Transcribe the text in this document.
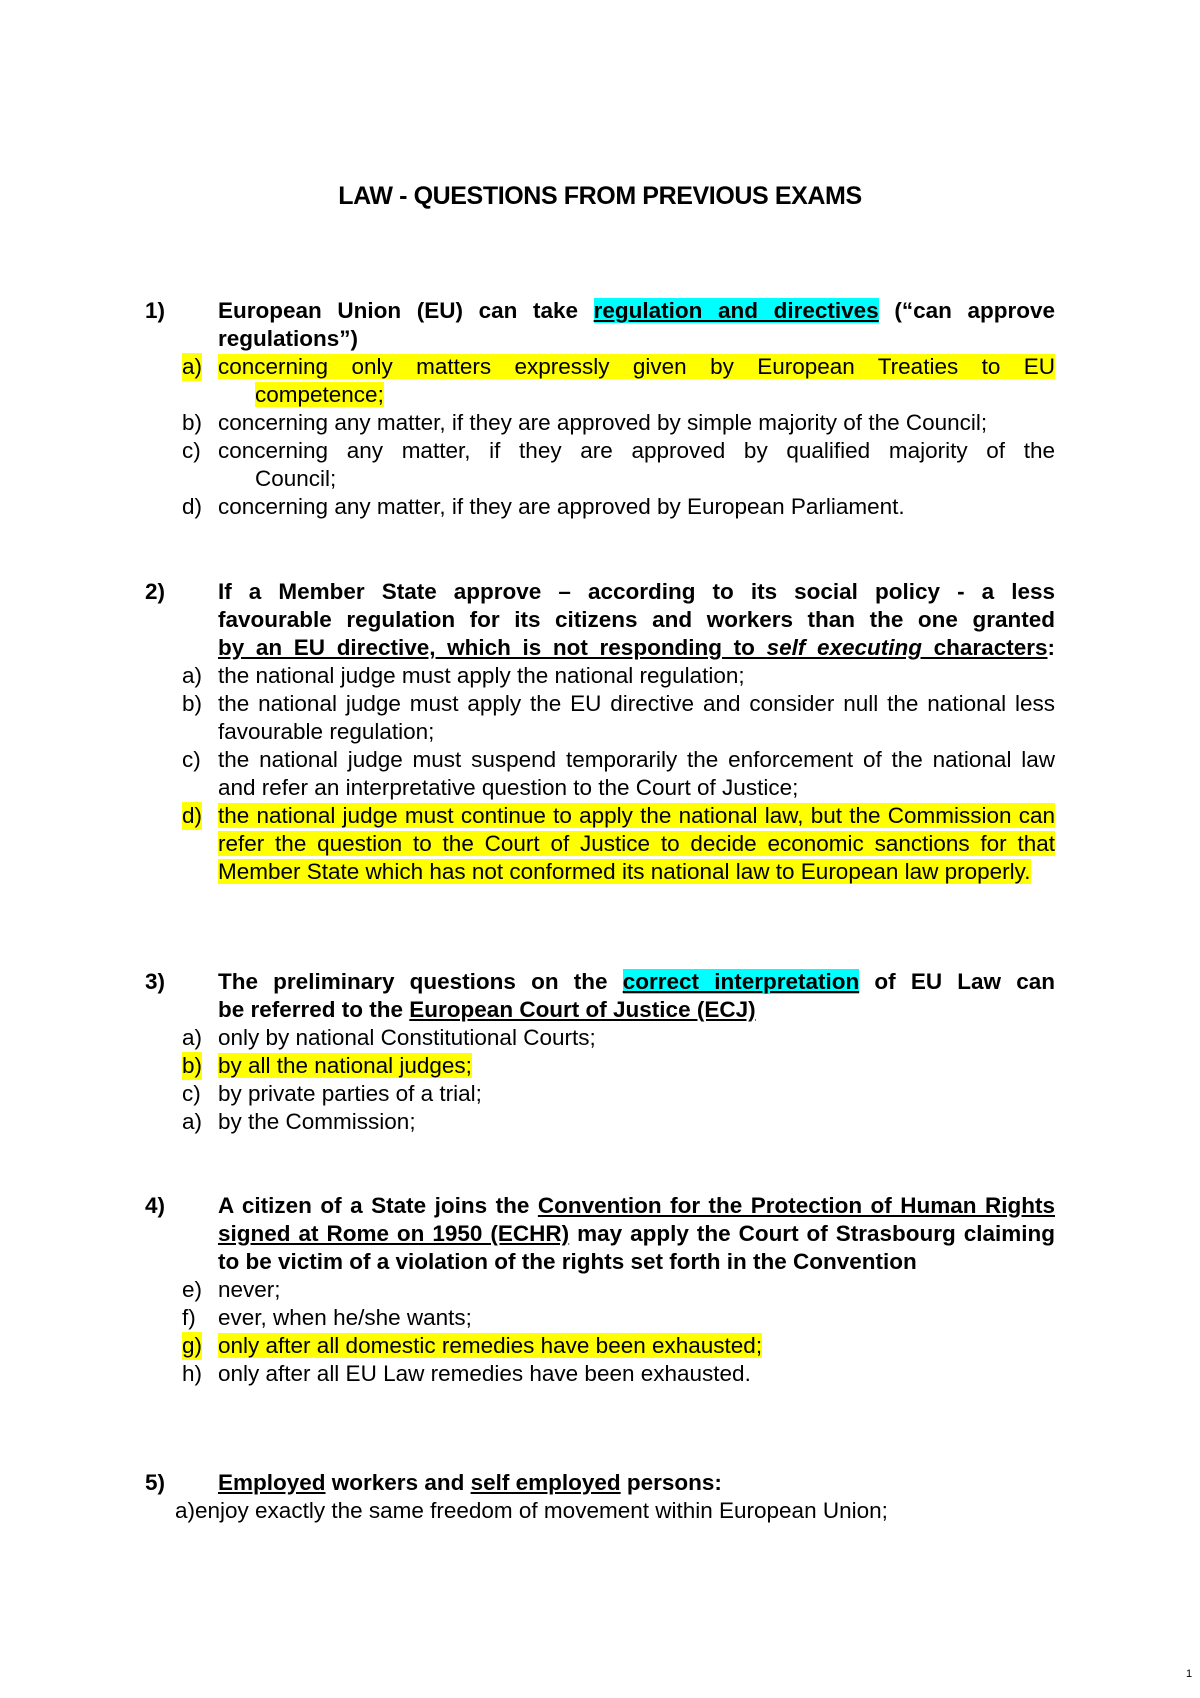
LAW - QUESTIONS FROM PREVIOUS EXAMS
1) European Union (EU) can take regulation and directives (“can approve
regulations”)
a) concerning only matters expressly given by European Treaties to EU
competence;
b) concerning any matter, if they are approved by simple majority of the Council;
c) concerning any matter, if they are approved by qualified majority of the
Council;
d) concerning any matter, if they are approved by European Parliament.
2) If a Member State approve – according to its social policy - a less
favourable regulation for its citizens and workers than the one granted
by an EU directive, which is not responding to self executing characters:
a) the national judge must apply the national regulation;
b) the national judge must apply the EU directive and consider null the national less favourable regulation;
c) the national judge must suspend temporarily the enforcement of the national law and refer an interpretative question to the Court of Justice;
d) the national judge must continue to apply the national law, but the Commission can refer the question to the Court of Justice to decide economic sanctions for that Member State which has not conformed its national law to European law properly.
3) The preliminary questions on the correct interpretation of EU Law can
be referred to the European Court of Justice (ECJ)
a) only by national Constitutional Courts;
b) by all the national judges;
c) by private parties of a trial;
a) by the Commission;
4) A citizen of a State joins the Convention for the Protection of Human Rights signed at Rome on 1950 (ECHR) may apply the Court of Strasbourg claiming to be victim of a violation of the rights set forth in the Convention
e) never;
f) ever, when he/she wants;
g) only after all domestic remedies have been exhausted;
h) only after all EU Law remedies have been exhausted.
5) Employed workers and self employed persons:
a)enjoy exactly the same freedom of movement within European Union;
1
